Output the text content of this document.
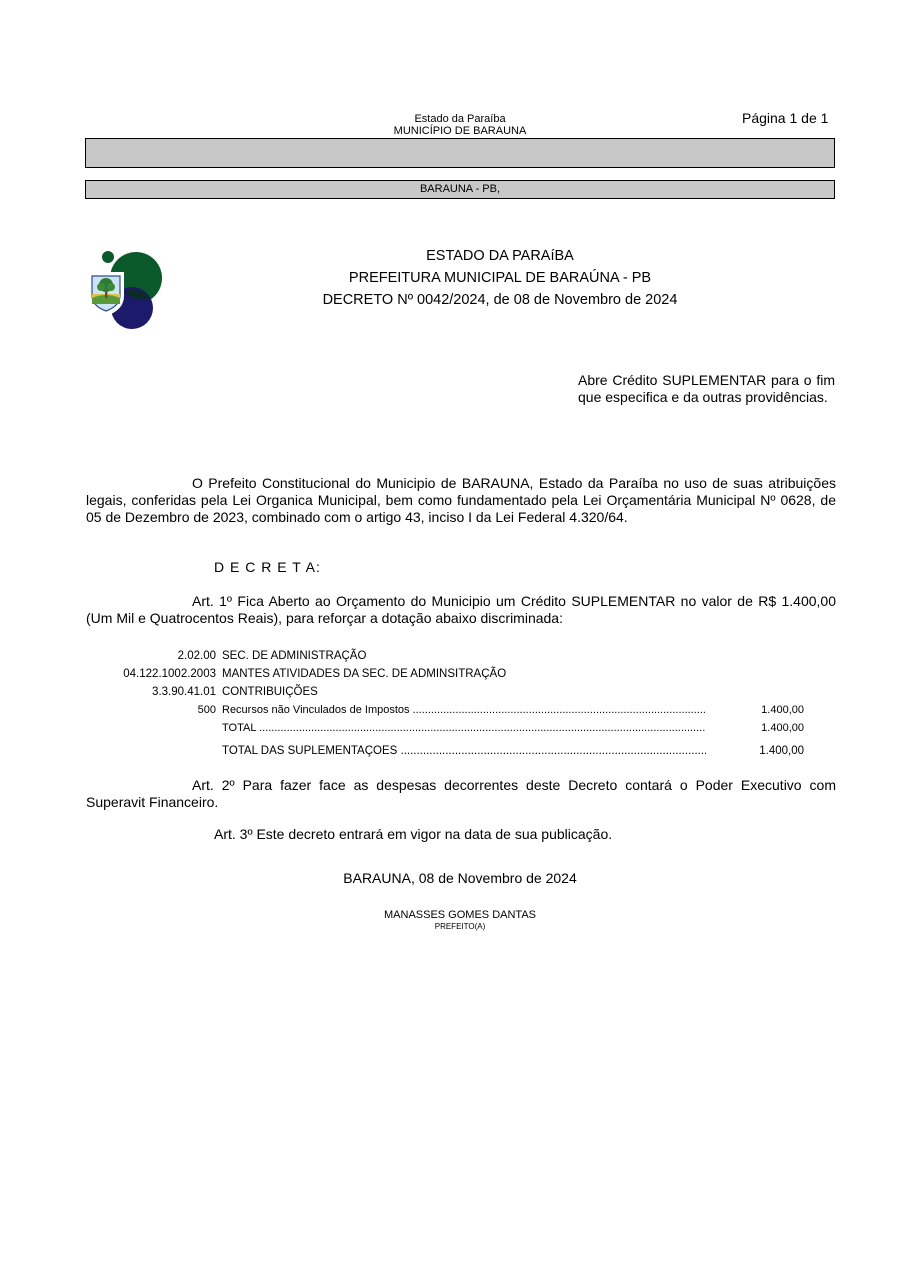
Estado da Paraíba
MUNICÍPIO DE BARAUNA
Página 1 de 1
BARAUNA - PB,
ESTADO DA PARAíBA
PREFEITURA MUNICIPAL DE BARAÚNA - PB
DECRETO Nº 0042/2024, de 08 de Novembro de 2024
Abre Crédito SUPLEMENTAR para o fim que especifica e da outras providências.
O Prefeito Constitucional do Municipio de BARAUNA, Estado da Paraíba no uso de suas atribuições legais, conferidas pela Lei Organica Municipal, bem como fundamentado pela Lei Orçamentária Municipal Nº 0628, de 05 de Dezembro de 2023, combinado com o artigo 43, inciso I da Lei Federal 4.320/64.
D E C R E T A:
Art. 1º Fica Aberto ao Orçamento do Municipio um Crédito SUPLEMENTAR no valor de R$ 1.400,00 (Um Mil e Quatrocentos Reais), para reforçar a dotação abaixo discriminada:
2.02.00 SEC. DE ADMINISTRAÇÃO
04.122.1002.2003 MANTES ATIVIDADES DA SEC. DE ADMINSITRAÇÃO
3.3.90.41.01 CONTRIBUIÇÕES
500 Recursos não Vinculados de Impostos .....	1.400,00
TOTAL .....	1.400,00
TOTAL DAS SUPLEMENTAÇÕES .....	1.400,00
Art. 2º Para fazer face as despesas decorrentes deste Decreto contará o Poder Executivo com Superavit Financeiro.
Art. 3º Este decreto entrará em vigor na data de sua publicação.
BARAUNA, 08 de Novembro de 2024
MANASSES GOMES DANTAS
PREFEITO(A)
